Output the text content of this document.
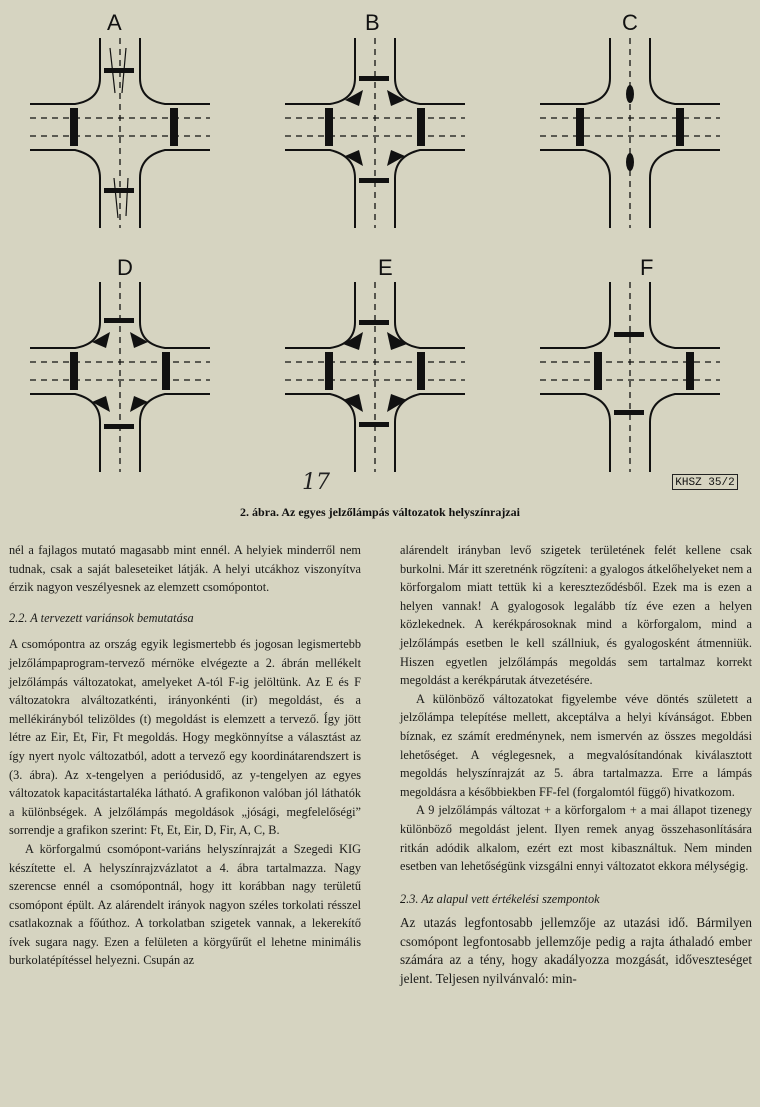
A	B	C
D	E	F
17	KHSZ 35/2
2. ábra. Az egyes jelzőlámpás változatok helyszínrajzai

nél a fajlagos mutató magasabb mint ennél. A helyiek minderről nem tudnak, csak a saját baleseteiket látják. A helyi utcákhoz viszonyítva érzik nagyon veszélyesnek az elemzett csomópontot.

2.2. A tervezett variánsok bemutatása

A csomópontra az ország egyik legismertebb és jogosan legismertebb jelzőlámpaprogram-tervező mérnöke elvégezte a 2. ábrán mellékelt jelzőlámpás változatokat, amelyeket A-tól F-ig jelöltünk. Az E és F változatokra alváltozatkénti, irányonkénti (ir) megoldást, és a mellékirányból telizöldes (t) megoldást is elemzett a tervező. Így jött létre az Eir, Et, Fir, Ft megoldás. Hogy megkönnyítse a választást az így nyert nyolc változatból, adott a tervező egy koordinátarendszert is (3. ábra). Az x-tengelyen a periódusidő, az y-tengelyen az egyes változatok kapacitástartaléka látható. A grafikonon valóban jól láthatók a különbségek. A jelzőlámpás megoldások „jósági, megfelelőségi” sorrendje a grafikon szerint: Ft, Et, Eir, D, Fir, A, C, B.

A körforgalmú csomópont-variáns helyszínrajzát a Szegedi KIG készítette el. A helyszínrajzvázlatot a 4. ábra tartalmazza. Nagy szerencse ennél a csomópontnál, hogy itt korábban nagy területű csomópont épült. Az alárendelt irányok nagyon széles torkolati résszel csatlakoznak a főúthoz. A torkolatban szigetek vannak, a lekerekítő ívek sugara nagy. Ezen a felületen a körgyűrűt el lehetne minimális burkolatépítéssel helyezni. Csupán az

alárendelt irányban levő szigetek területének felét kellene csak burkolni. Már itt szeretnénk rögzíteni: a gyalogos átkelőhelyeket nem a körforgalom miatt tettük ki a kereszteződésből. Ezek ma is ezen a helyen vannak! A gyalogosok legalább tíz éve ezen a helyen közlekednek. A kerékpárosoknak mind a körforgalom, mind a jelzőlámpás esetben le kell szállniuk, és gyalogosként átmenniük. Hiszen egyetlen jelzőlámpás megoldás sem tartalmaz korrekt megoldást a kerékpárutak átvezetésére.

A különböző változatokat figyelembe véve döntés született a jelzőlámpa telepítése mellett, akceptálva a helyi kívánságot. Ebben bíznak, ez számít eredménynek, nem ismervén az összes megoldási lehetőséget. A véglegesnek, a megvalósítandónak kiválasztott megoldás helyszínrajzát az 5. ábra tartalmazza. Erre a lámpás megoldásra a későbbiekben FF-fel (forgalomtól függő) hivatkozom.

A 9 jelzőlámpás változat + a körforgalom + a mai állapot tizenegy különböző megoldást jelent. Ilyen remek anyag összehasonlítására ritkán adódik alkalom, ezért ezt most kibasználtuk. Nem minden esetben van lehetőségünk vizsgálni ennyi változatot ekkora mélységig.

2.3. Az alapul vett értékelési szempontok

Az utazás legfontosabb jellemzője az utazási idő. Bármilyen csomópont legfontosabb jellemzője pedig a rajta áthaladó ember számára az a tény, hogy akadályozza mozgását, időveszteséget jelent. Teljesen nyilvánvaló: min-
